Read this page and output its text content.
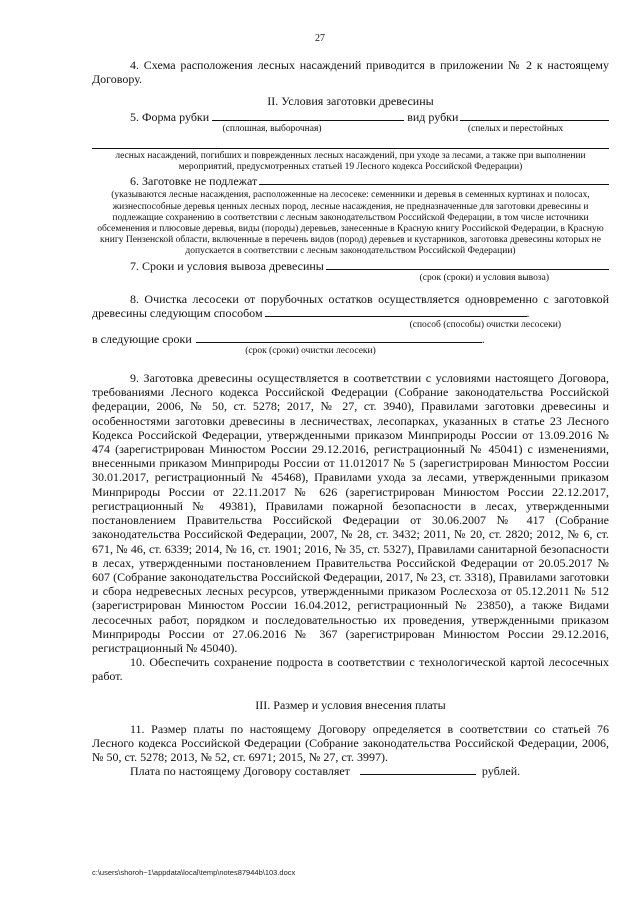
27

4. Схема расположения лесных насаждений приводится в приложении № 2 к настоящему Договору.

II. Условия заготовки древесины

5. Форма рубки	вид рубки
(сплошная, выборочная)	(спелых и перестойных

лесных насаждений, погибших и поврежденных лесных насаждений, при уходе за лесами, а также при выполнении мероприятий, предусмотренных статьей 19 Лесного кодекса Российской Федерации)

6. Заготовке не подлежат

(указываются лесные насаждения, расположенные на лесосеке: семенники и деревья в семенных куртинах и полосах, жизнеспособные деревья ценных лесных пород, лесные насаждения, не предназначенные для заготовки древесины и подлежащие сохранению в соответствии с лесным законодательством Российской Федерации, в том числе источники обсеменения и плюсовые деревья, виды (породы) деревьев, занесенные в Красную книгу Российской Федерации, в Красную книгу Пензенской области, включенные в перечень видов (пород) деревьев и кустарников, заготовка древесины которых не допускается в соответствии с лесным законодательством Российской Федерации)

7. Сроки и условия вывоза древесины

(срок (сроки) и условия вывоза)

8. Очистка лесосеки от порубочных остатков осуществляется одновременно с заготовкой древесины следующим способом	.

(способ (способы) очистки лесосеки)

в следующие сроки	.

(срок (сроки) очистки лесосеки)

9. Заготовка древесины осуществляется в соответствии с условиями настоящего Договора, требованиями Лесного кодекса Российской Федерации (Собрание законодательства Российской федерации, 2006, № 50, ст. 5278; 2017, № 27, ст. 3940), Правилами заготовки древесины и особенностями заготовки древесины в лесничествах, лесопарках, указанных в статье 23 Лесного Кодекса Российской Федерации, утвержденными приказом Минприроды России от 13.09.2016 № 474 (зарегистрирован Минюстом России 29.12.2016, регистрационный № 45041) с изменениями, внесенными приказом Минприроды России от 11.012017 № 5 (зарегистрирован Минюстом России 30.01.2017, регистрационный № 45468), Правилами ухода за лесами, утвержденными приказом Минприроды России от 22.11.2017 № 626 (зарегистрирован Минюстом России 22.12.2017, регистрационный № 49381), Правилами пожарной безопасности в лесах, утвержденными постановлением Правительства Российской Федерации от 30.06.2007 № 417 (Собрание законодательства Российской Федерации, 2007, № 28, ст. 3432; 2011, № 20, ст. 2820; 2012, № 6, ст. 671, № 46, ст. 6339; 2014, № 16, ст. 1901; 2016, № 35, ст. 5327), Правилами санитарной безопасности в лесах, утвержденными постановлением Правительства Российской Федерации от 20.05.2017 № 607 (Собрание законодательства Российской Федерации, 2017, № 23, ст. 3318), Правилами заготовки и сбора недревесных лесных ресурсов, утвержденными приказом Рослесхоза от 05.12.2011 № 512 (зарегистрирован Минюстом России 16.04.2012, регистрационный № 23850), а также Видами лесосечных работ, порядком и последовательностью их проведения, утвержденными приказом Минприроды России от 27.06.2016 № 367 (зарегистрирован Минюстом России 29.12.2016, регистрационный № 45040).

10. Обеспечить сохранение подроста в соответствии с технологической картой лесосечных работ.

III. Размер и условия внесения платы

11. Размер платы по настоящему Договору определяется в соответствии со статьей 76 Лесного кодекса Российской Федерации (Собрание законодательства Российской Федерации, 2006, № 50, ст. 5278; 2013, № 52, ст. 6971; 2015, № 27, ст. 3997).

Плата по настоящему Договору составляет	рублей.
c:\users\shoroh~1\appdata\local\temp\notes87944b\103.docx
